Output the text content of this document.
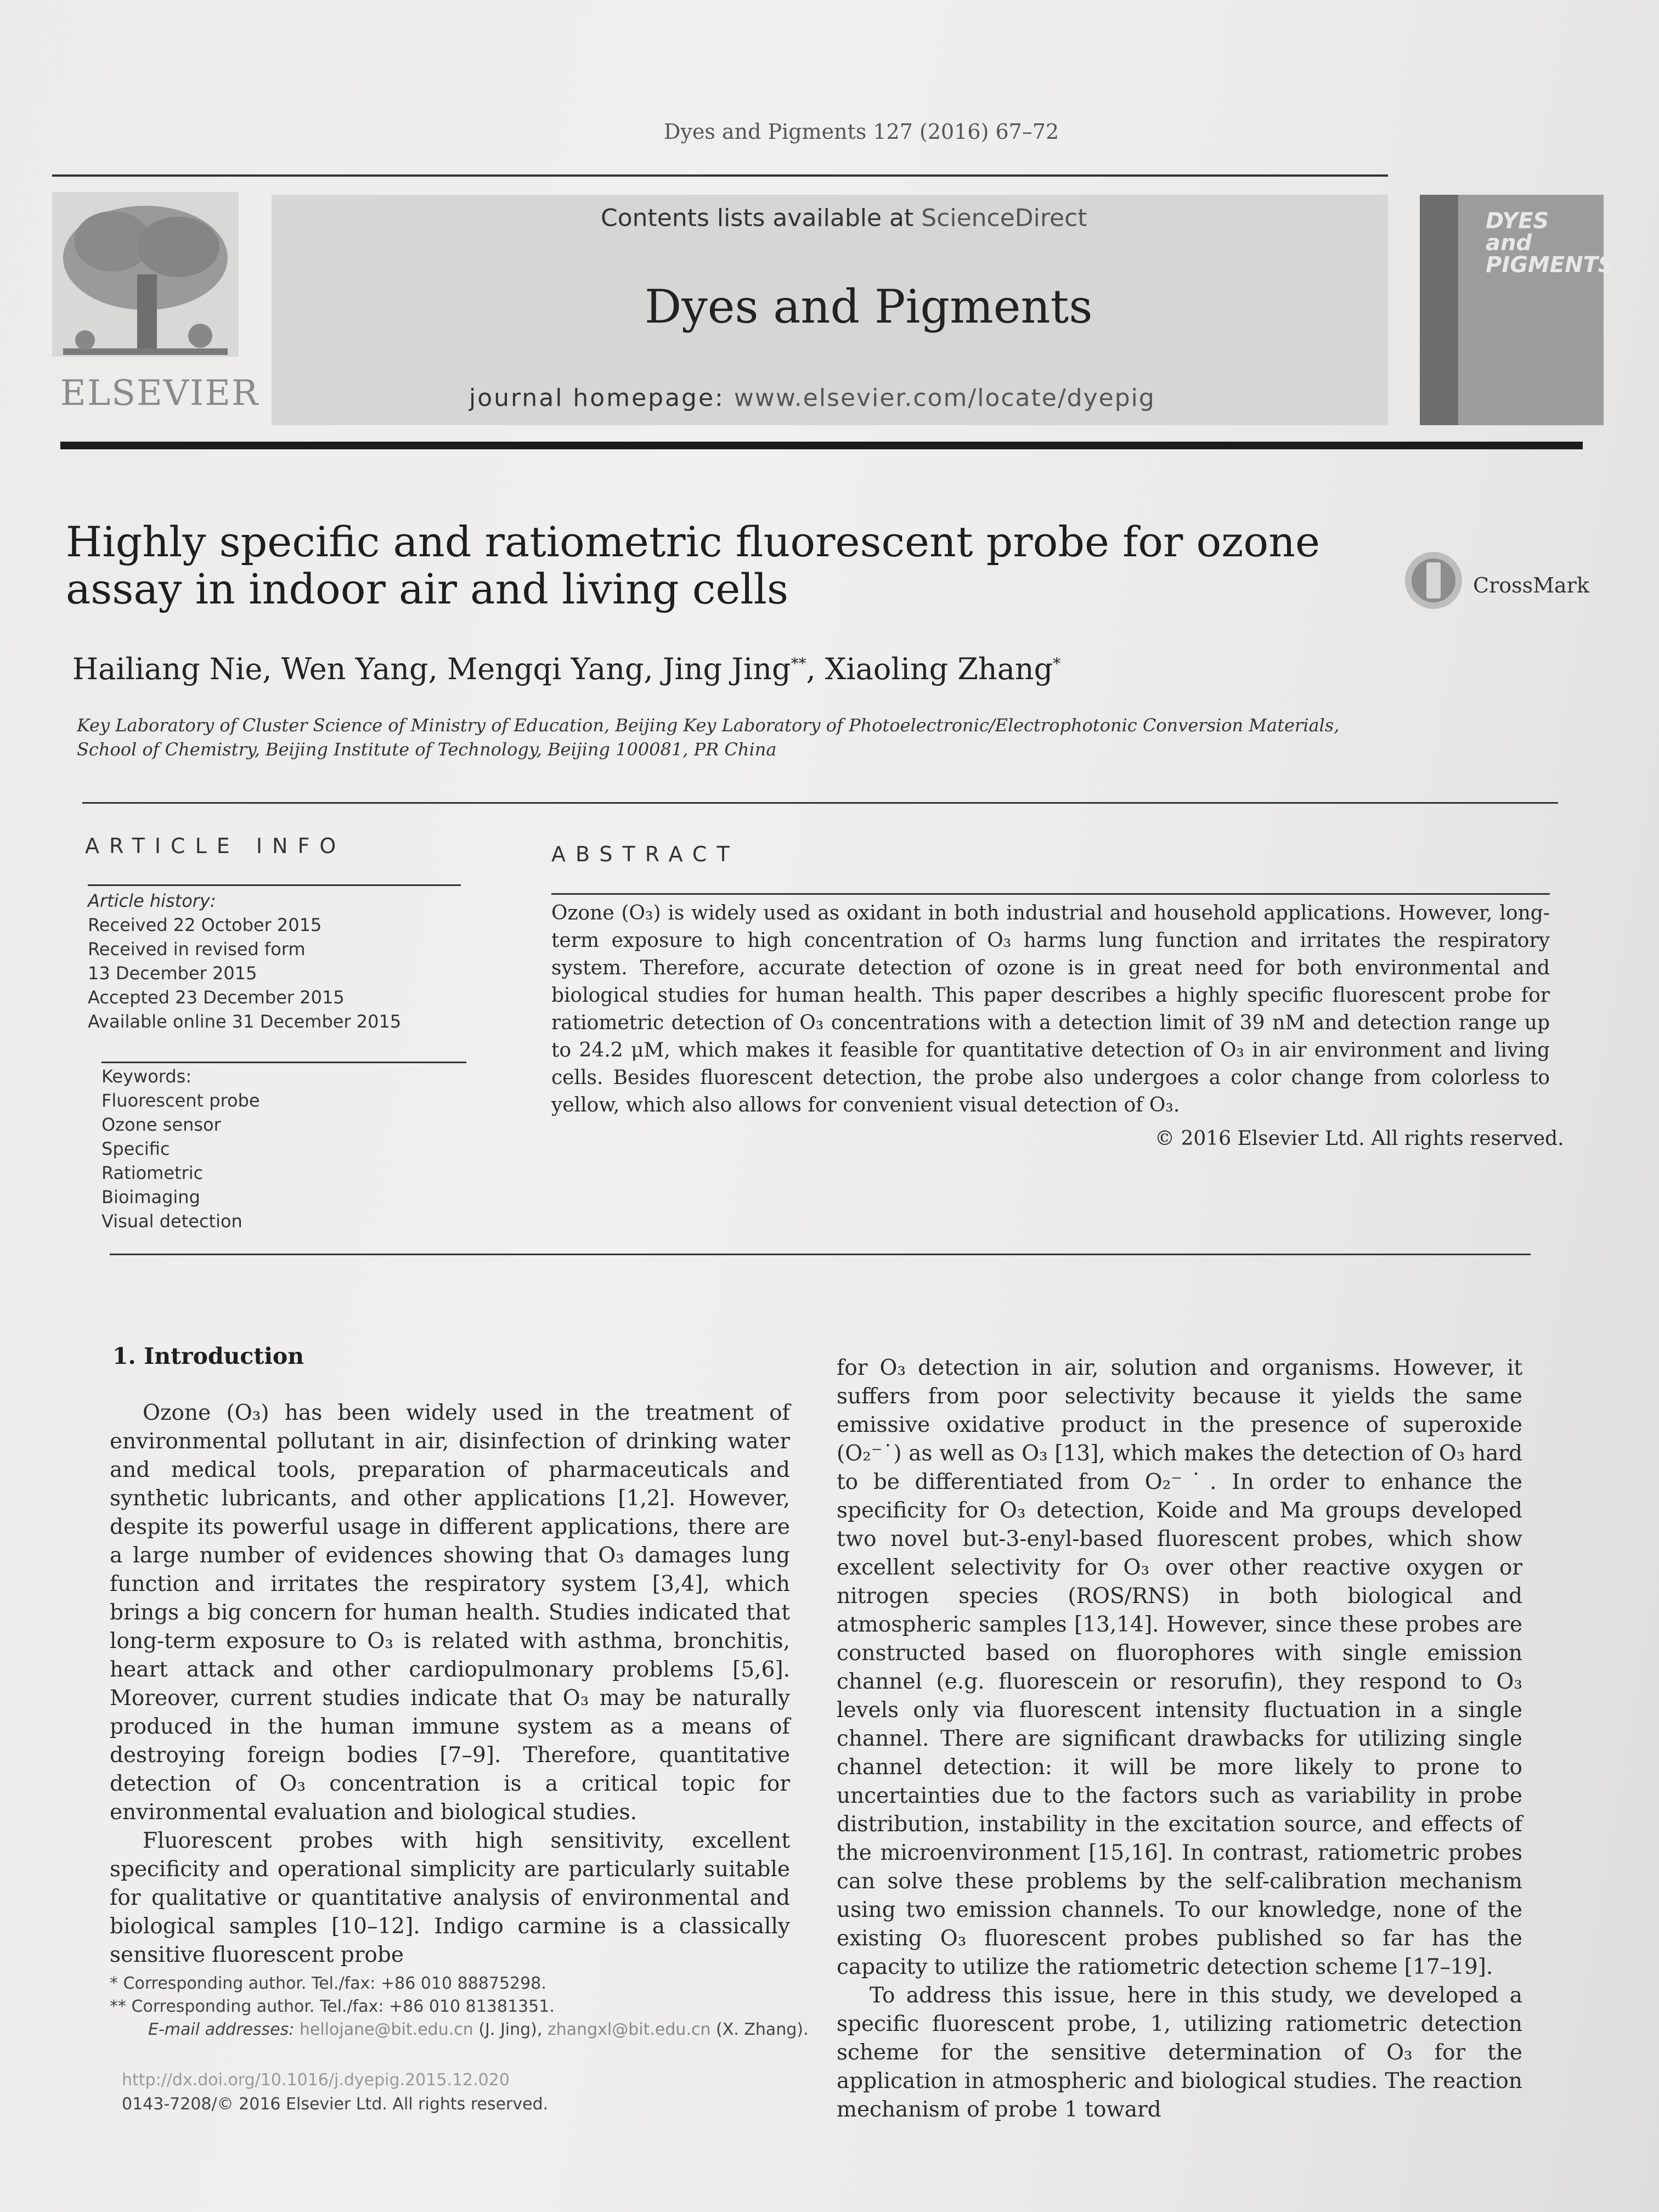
Dyes and Pigments 127 (2016) 67–72
ELSEVIER
Contents lists available at ScienceDirect
Dyes and Pigments
journal homepage: www.elsevier.com/locate/dyepig
DYES and PIGMENTS
Highly specific and ratiometric fluorescent probe for ozone assay in indoor air and living cells	CrossMark
Hailiang Nie, Wen Yang, Mengqi Yang, Jing Jing**, Xiaoling Zhang*
Key Laboratory of Cluster Science of Ministry of Education, Beijing Key Laboratory of Photoelectronic/Electrophotonic Conversion Materials, School of Chemistry, Beijing Institute of Technology, Beijing 100081, PR China
ARTICLE INFO
Article history:
Received 22 October 2015
Received in revised form
13 December 2015
Accepted 23 December 2015
Available online 31 December 2015
Keywords:
Fluorescent probe
Ozone sensor
Specific
Ratiometric
Bioimaging
Visual detection
ABSTRACT
Ozone (O₃) is widely used as oxidant in both industrial and household applications. However, long-term exposure to high concentration of O₃ harms lung function and irritates the respiratory system. Therefore, accurate detection of ozone is in great need for both environmental and biological studies for human health. This paper describes a highly specific fluorescent probe for ratiometric detection of O₃ concentrations with a detection limit of 39 nM and detection range up to 24.2 μM, which makes it feasible for quantitative detection of O₃ in air environment and living cells. Besides fluorescent detection, the probe also undergoes a color change from colorless to yellow, which also allows for convenient visual detection of O₃.
© 2016 Elsevier Ltd. All rights reserved.
1. Introduction

Ozone (O₃) has been widely used in the treatment of environmental pollutant in air, disinfection of drinking water and medical tools, preparation of pharmaceuticals and synthetic lubricants, and other applications [1,2]. However, despite its powerful usage in different applications, there are a large number of evidences showing that O₃ damages lung function and irritates the respiratory system [3,4], which brings a big concern for human health. Studies indicated that long-term exposure to O₃ is related with asthma, bronchitis, heart attack and other cardiopulmonary problems [5,6]. Moreover, current studies indicate that O₃ may be naturally produced in the human immune system as a means of destroying foreign bodies [7–9]. Therefore, quantitative detection of O₃ concentration is a critical topic for environmental evaluation and biological studies.

Fluorescent probes with high sensitivity, excellent specificity and operational simplicity are particularly suitable for qualitative or quantitative analysis of environmental and biological samples [10–12]. Indigo carmine is a classically sensitive fluorescent probe

for O₃ detection in air, solution and organisms. However, it suffers from poor selectivity because it yields the same emissive oxidative product in the presence of superoxide (O₂⁻˙) as well as O₃ [13], which makes the detection of O₃ hard to be differentiated from O₂⁻˙. In order to enhance the specificity for O₃ detection, Koide and Ma groups developed two novel but-3-enyl-based fluorescent probes, which show excellent selectivity for O₃ over other reactive oxygen or nitrogen species (ROS/RNS) in both biological and atmospheric samples [13,14]. However, since these probes are constructed based on fluorophores with single emission channel (e.g. fluorescein or resorufin), they respond to O₃ levels only via fluorescent intensity fluctuation in a single channel. There are significant drawbacks for utilizing single channel detection: it will be more likely to prone to uncertainties due to the factors such as variability in probe distribution, instability in the excitation source, and effects of the microenvironment [15,16]. In contrast, ratiometric probes can solve these problems by the self-calibration mechanism using two emission channels. To our knowledge, none of the existing O₃ fluorescent probes published so far has the capacity to utilize the ratiometric detection scheme [17–19].

To address this issue, here in this study, we developed a specific fluorescent probe, 1, utilizing ratiometric detection scheme for the sensitive determination of O₃ for the application in atmospheric and biological studies. The reaction mechanism of probe 1 toward

* Corresponding author. Tel./fax: +86 010 88875298.
** Corresponding author. Tel./fax: +86 010 81381351.
E-mail addresses: hellojane@bit.edu.cn (J. Jing), zhangxl@bit.edu.cn (X. Zhang).
http://dx.doi.org/10.1016/j.dyepig.2015.12.020
0143-7208/© 2016 Elsevier Ltd. All rights reserved.
